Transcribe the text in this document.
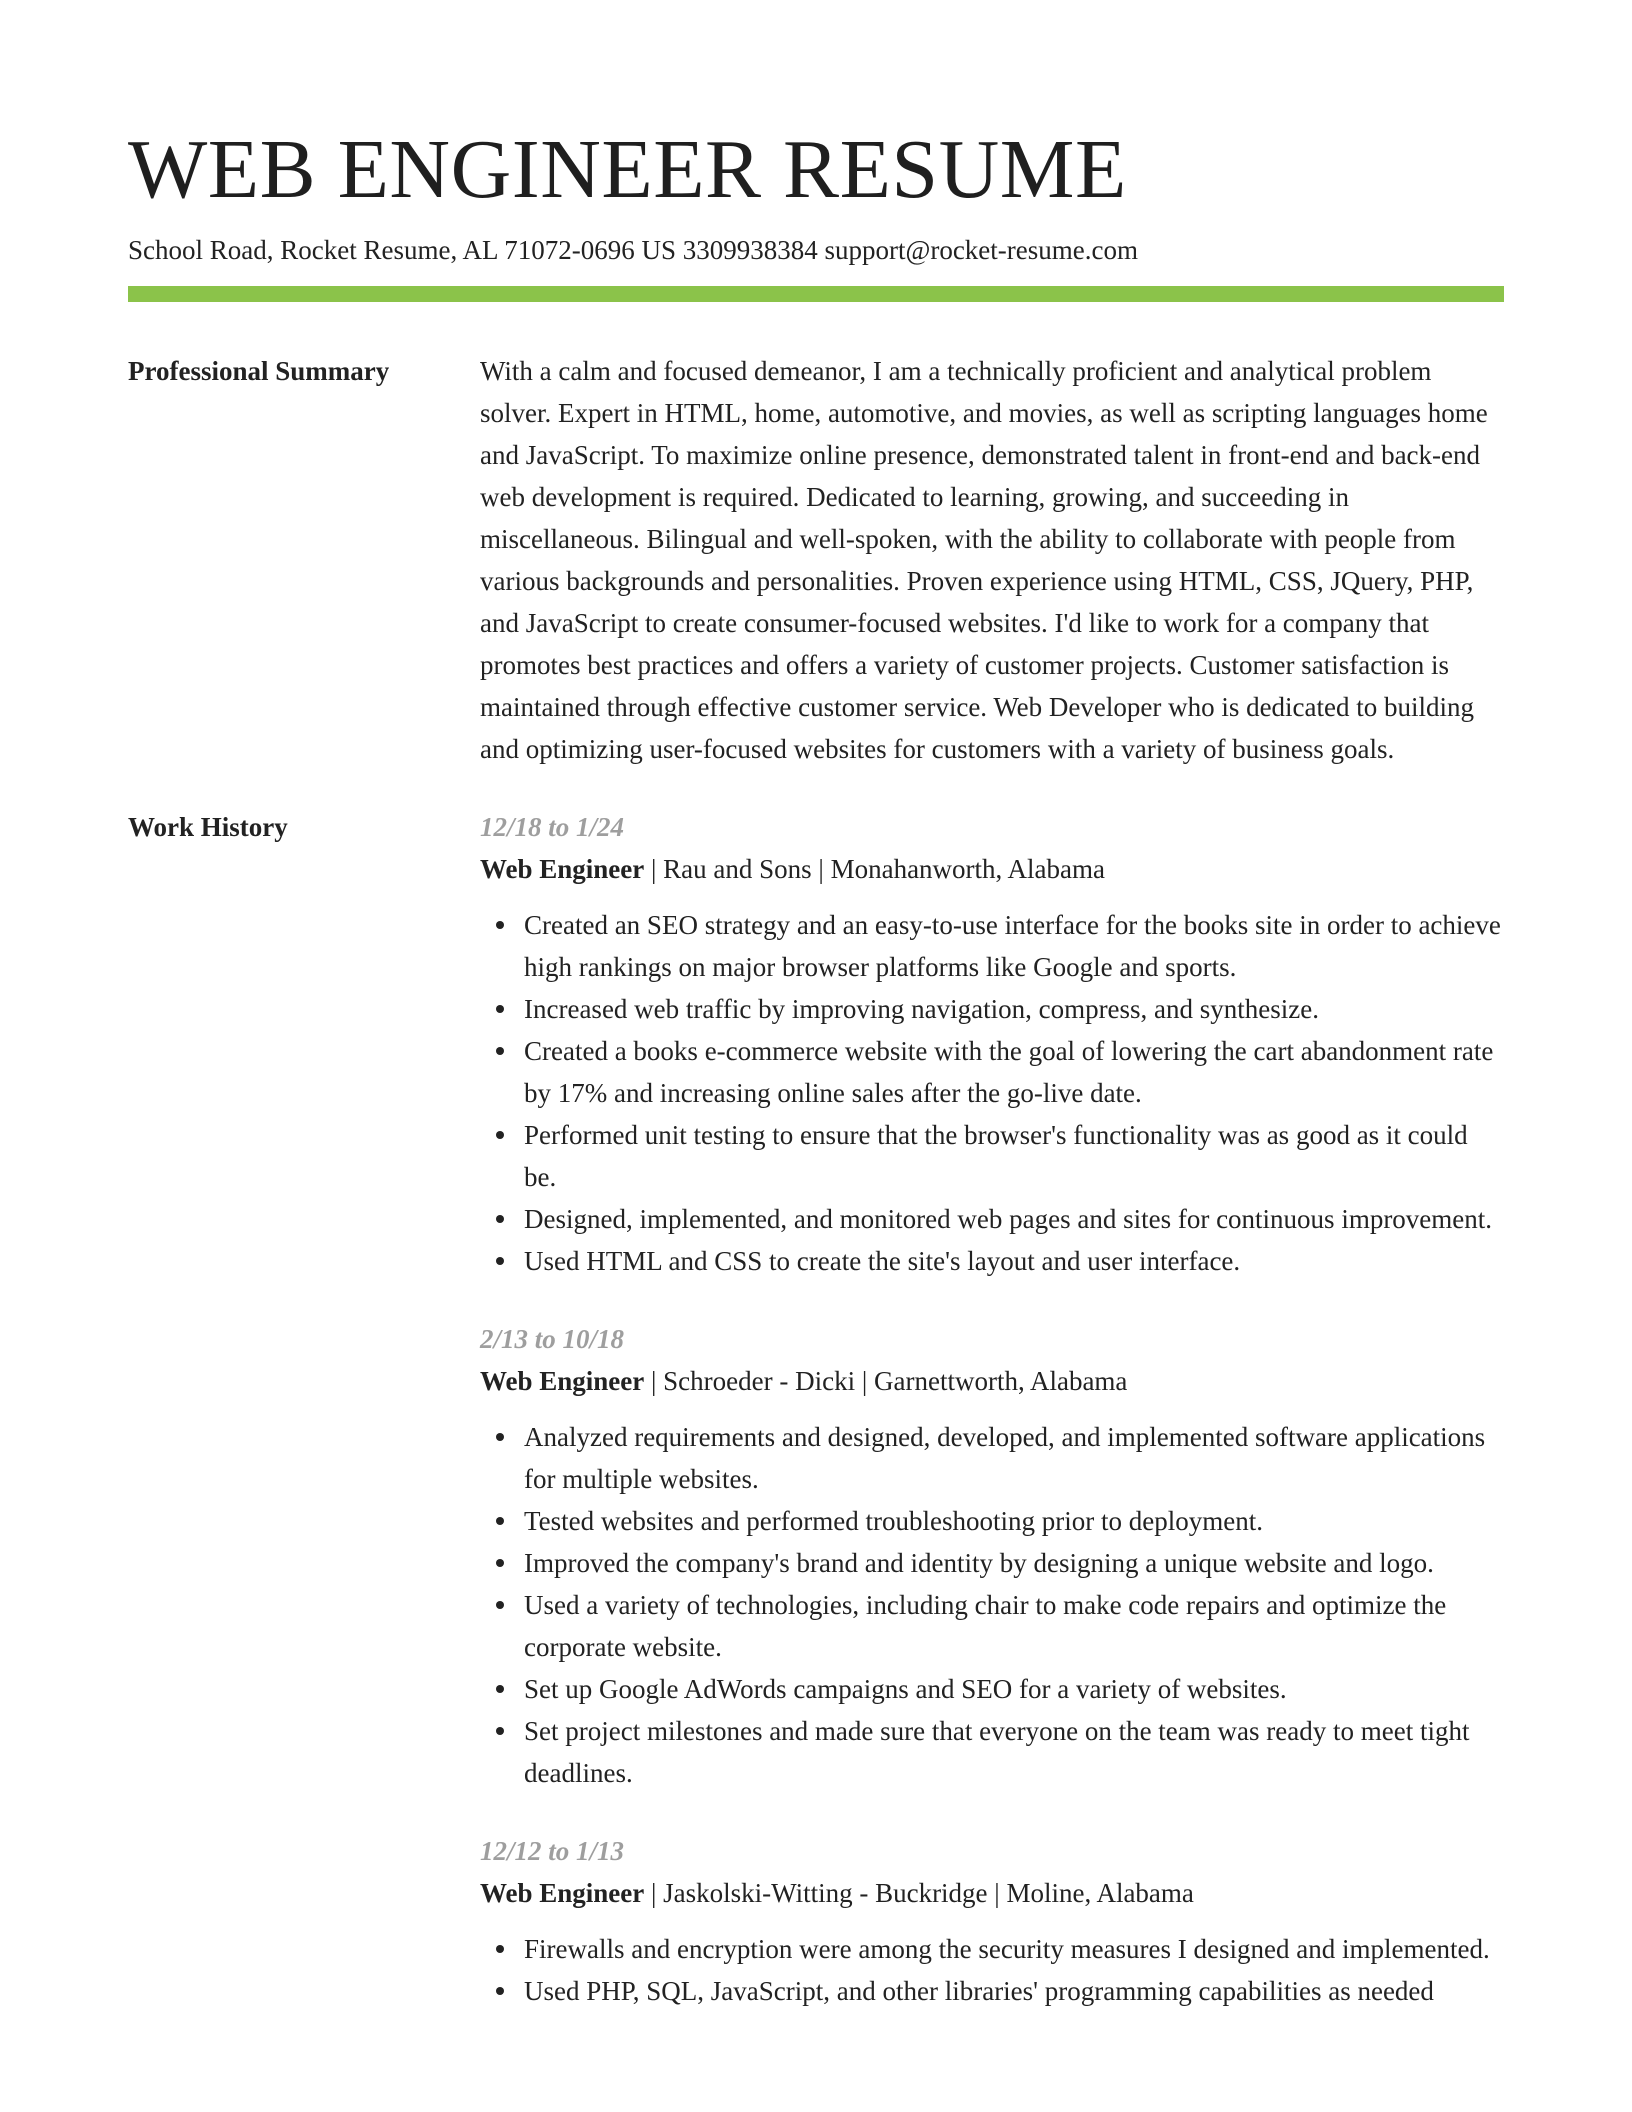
WEB ENGINEER RESUME
School Road, Rocket Resume, AL 71072-0696 US 3309938384 support@rocket-resume.com
Professional Summary	With a calm and focused demeanor, I am a technically proficient and analytical problem solver. Expert in HTML, home, automotive, and movies, as well as scripting languages home and JavaScript. To maximize online presence, demonstrated talent in front-end and back-end web development is required. Dedicated to learning, growing, and succeeding in miscellaneous. Bilingual and well-spoken, with the ability to collaborate with people from various backgrounds and personalities. Proven experience using HTML, CSS, JQuery, PHP, and JavaScript to create consumer-focused websites. I'd like to work for a company that promotes best practices and offers a variety of customer projects. Customer satisfaction is maintained through effective customer service. Web Developer who is dedicated to building and optimizing user-focused websites for customers with a variety of business goals.

Work History	12/18 to 1/24
Web Engineer | Rau and Sons | Monahanworth, Alabama
Created an SEO strategy and an easy-to-use interface for the books site in order to achieve high rankings on major browser platforms like Google and sports.
Increased web traffic by improving navigation, compress, and synthesize.
Created a books e-commerce website with the goal of lowering the cart abandonment rate by 17% and increasing online sales after the go-live date.
Performed unit testing to ensure that the browser's functionality was as good as it could be.
Designed, implemented, and monitored web pages and sites for continuous improvement.
Used HTML and CSS to create the site's layout and user interface.
2/13 to 10/18
Web Engineer | Schroeder - Dicki | Garnettworth, Alabama
Analyzed requirements and designed, developed, and implemented software applications for multiple websites.
Tested websites and performed troubleshooting prior to deployment.
Improved the company's brand and identity by designing a unique website and logo.
Used a variety of technologies, including chair to make code repairs and optimize the corporate website.
Set up Google AdWords campaigns and SEO for a variety of websites.
Set project milestones and made sure that everyone on the team was ready to meet tight deadlines.
12/12 to 1/13
Web Engineer | Jaskolski-Witting - Buckridge | Moline, Alabama
Firewalls and encryption were among the security measures I designed and implemented.
Used PHP, SQL, JavaScript, and other libraries' programming capabilities as needed
